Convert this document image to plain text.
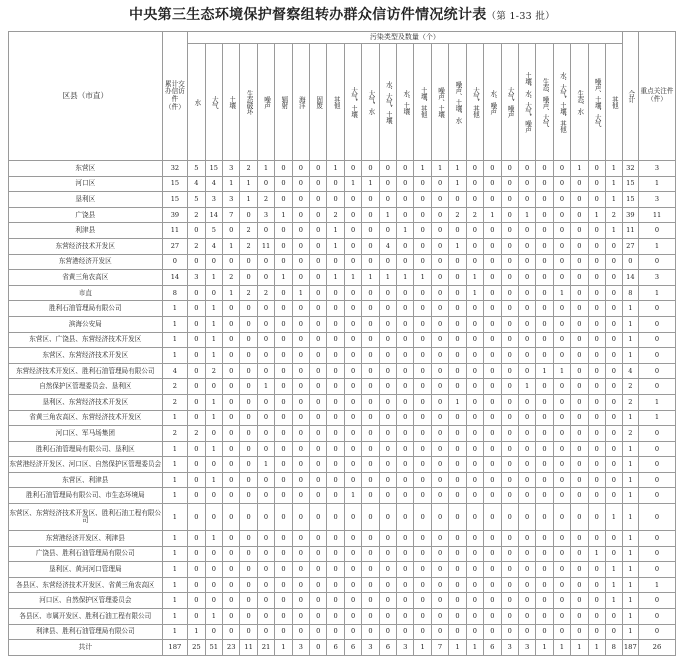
中央第三生态环境保护督察组转办群众信访件情况统计表（第 1-33 批）
区县（市直）	累计交办信访件（件）	污染类型及数量（个）																									合计	重点关注件（件）
		水	大气	土壤	生态破坏	噪声	辐射	海洋	固废	其他	大气、土壤	大气、水	水、大气、土壤	水、土壤	土壤、其他	噪声、土壤	噪声、土壤、水	大气、其他	水、噪声	大气、噪声	土壤、水、大气、噪声	生态、噪声、大气	水、大气、土壤、其他	生态、水	噪声、土壤、大气	其他		
东营区	32	5	15	3	2	1	0	0	0	1	0	0	0	0	1	1	1	0	0	0	0	0	0	1	0	1	32	3
河口区	15	4	4	1	1	0	0	0	0	0	1	1	0	0	0	0	1	0	0	0	0	0	0	0	0	1	15	1
垦利区	15	5	3	3	1	2	0	0	0	0	0	0	0	0	0	0	0	0	0	0	0	0	0	0	0	1	15	3
广饶县	39	2	14	7	0	3	1	0	0	2	0	0	1	0	0	0	2	2	1	0	1	0	0	0	1	2	39	11
利津县	11	0	5	0	2	0	0	0	0	1	0	0	0	1	0	0	0	0	0	0	0	0	0	0	0	1	11	0
东营经济技术开发区	27	2	4	1	2	11	0	0	0	1	0	0	4	0	0	0	1	0	0	0	0	0	0	0	0	0	27	1
东营港经济开发区	0	0	0	0	0	0	0	0	0	0	0	0	0	0	0	0	0	0	0	0	0	0	0	0	0	0	0	0
省黄三角农高区	14	3	1	2	0	0	1	0	0	1	1	1	1	1	1	0	0	1	0	0	0	0	0	0	0	0	14	3
市直	8	0	0	1	2	2	0	1	0	0	0	0	0	0	0	0	0	1	0	0	0	0	1	0	0	0	8	1
胜利石油管理局有限公司	1	0	1	0	0	0	0	0	0	0	0	0	0	0	0	0	0	0	0	0	0	0	0	0	0	0	1	0
滨海公安局	1	0	1	0	0	0	0	0	0	0	0	0	0	0	0	0	0	0	0	0	0	0	0	0	0	0	1	0
东营区、广饶县、东营经济技术开发区	1	0	1	0	0	0	0	0	0	0	0	0	0	0	0	0	0	0	0	0	0	0	0	0	0	0	1	0
东营区、东营经济技术开发区	1	0	1	0	0	0	0	0	0	0	0	0	0	0	0	0	0	0	0	0	0	0	0	0	0	0	1	0
东营经济技术开发区、胜利石油管理局有限公司	4	0	2	0	0	0	0	0	0	0	0	0	0	0	0	0	0	0	0	0	0	1	1	0	0	0	4	0
自然保护区管理委员会、垦利区	2	0	0	0	0	1	0	0	0	0	0	0	0	0	0	0	0	0	0	0	1	0	0	0	0	0	2	0
垦利区、东营经济技术开发区	2	0	1	0	0	0	0	0	0	0	0	0	0	0	0	0	1	0	0	0	0	0	0	0	0	0	2	1
省黄三角农高区、东营经济技术开发区	1	0	1	0	0	0	0	0	0	0	0	0	0	0	0	0	0	0	0	0	0	0	0	0	0	0	1	1
河口区、军马场集团	2	2	0	0	0	0	0	0	0	0	0	0	0	0	0	0	0	0	0	0	0	0	0	0	0	0	2	0
胜利石油管理局有限公司、垦利区	1	0	1	0	0	0	0	0	0	0	0	0	0	0	0	0	0	0	0	0	0	0	0	0	0	0	1	0
东营港经济开发区、河口区、自然保护区管理委员会	1	0	0	0	0	1	0	0	0	0	0	0	0	0	0	0	0	0	0	0	0	0	0	0	0	0	1	0
东营区、利津县	1	0	1	0	0	0	0	0	0	0	0	0	0	0	0	0	0	0	0	0	0	0	0	0	0	0	1	0
胜利石油管理局有限公司、市生态环境局	1	0	0	0	0	0	0	0	0	0	1	0	0	0	0	0	0	0	0	0	0	0	0	0	0	0	1	0
东营区、东营经济技术开发区、胜利石油工程有限公司	1	0	0	0	0	0	0	0	0	0	0	0	0	0	0	0	0	0	0	0	0	0	0	0	0	1	1	0
东营港经济开发区、利津县	1	0	1	0	0	0	0	0	0	0	0	0	0	0	0	0	0	0	0	0	0	0	0	0	0	0	1	0
广饶县、胜利石油管理局有限公司	1	0	0	0	0	0	0	0	0	0	0	0	0	0	0	0	0	0	0	0	0	0	0	0	1	0	1	0
垦利区、黄河河口管理局	1	0	0	0	0	0	0	0	0	0	0	0	0	0	0	0	0	0	0	0	0	0	0	0	0	1	1	0
各县区、东营经济技术开发区、省黄三角农高区	1	0	0	0	0	0	0	0	0	0	0	0	0	0	0	0	0	0	0	0	0	0	0	0	0	1	1	1
河口区、自然保护区管理委员会	1	0	0	0	0	0	0	0	0	0	0	0	0	0	0	0	0	0	0	0	0	0	0	0	0	1	1	0
各县区、市属开发区、胜利石油工程有限公司	1	0	1	0	0	0	0	0	0	0	0	0	0	0	0	0	0	0	0	0	0	0	0	0	0	0	1	0
利津县、胜利石油管理局有限公司	1	1	0	0	0	0	0	0	0	0	0	0	0	0	0	0	0	0	0	0	0	0	0	0	0	0	1	0
共计	187	25	51	23	11	21	1	3	0	6	6	3	6	3	1	7	1	1	6	3	3	1	1	1	1	8	187	26
